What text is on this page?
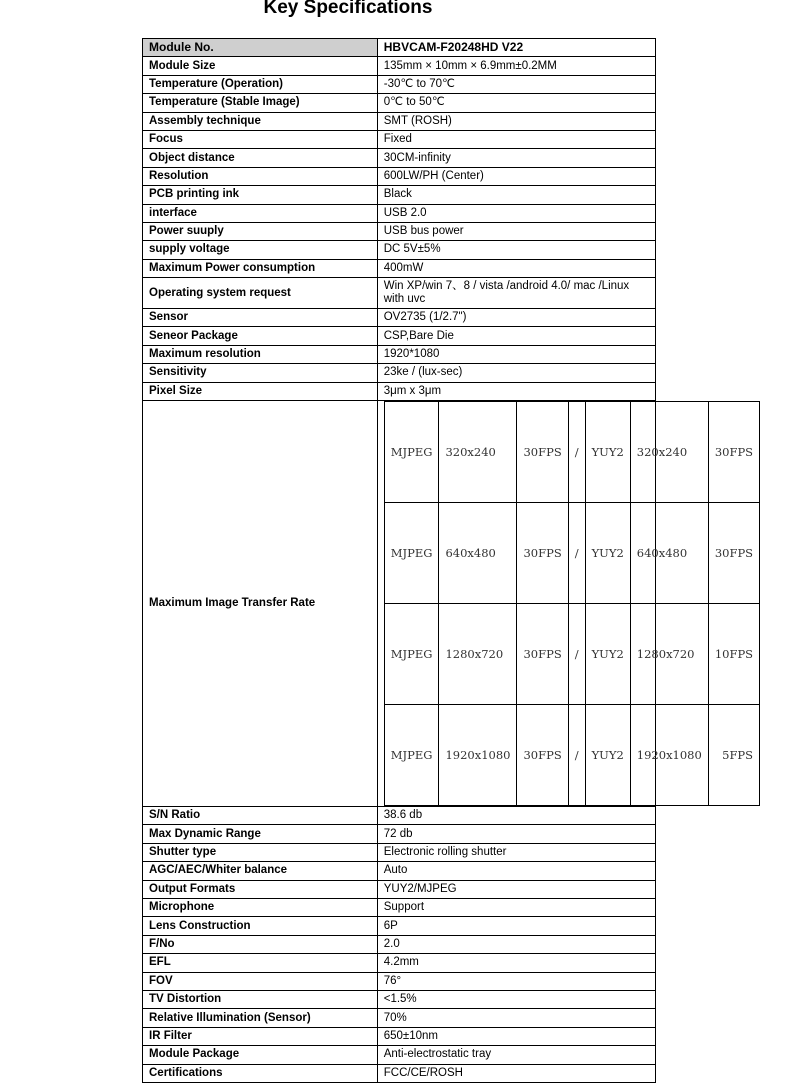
Key Specifications
Module No.	HBVCAM-F20248HD V22
Module Size	135mm × 10mm × 6.9mm±0.2MM
Temperature (Operation)	-30℃ to 70℃
Temperature (Stable Image)	0℃ to 50℃
Assembly technique	SMT (ROSH)
Focus	Fixed
Object distance	30CM-infinity
Resolution	600LW/PH (Center)
PCB printing ink	Black
interface	USB 2.0
Power suuply	USB bus power
supply voltage	DC 5V±5%
Maximum Power consumption	400mW
Operating system request	Win XP/win 7、8 / vista /android 4.0/ mac /Linux with uvc
Sensor	OV2735 (1/2.7")
Seneor Package	CSP,Bare Die
Maximum resolution	1920*1080
Sensitivity	23ke / (lux-sec)
Pixel Size	3μm x 3μm
Maximum Image Transfer Rate	
MJPEG	320x240	30FPS	/	YUY2	320x240	30FPS
MJPEG	640x480	30FPS	/	YUY2	640x480	30FPS
MJPEG	1280x720	30FPS	/	YUY2	1280x720	10FPS
MJPEG	1920x1080	30FPS	/	YUY2	1920x1080	5FPS

S/N Ratio	38.6 db
Max Dynamic Range	72 db
Shutter type	Electronic rolling shutter
AGC/AEC/Whiter balance	Auto
Output Formats	YUY2/MJPEG
Microphone	Support
Lens Construction	6P
F/No	2.0
EFL	4.2mm
FOV	76°
TV Distortion	<1.5%
Relative Illumination (Sensor)	70%
IR Filter	650±10nm
Module Package	Anti-electrostatic tray
Certifications	FCC/CE/ROSH
